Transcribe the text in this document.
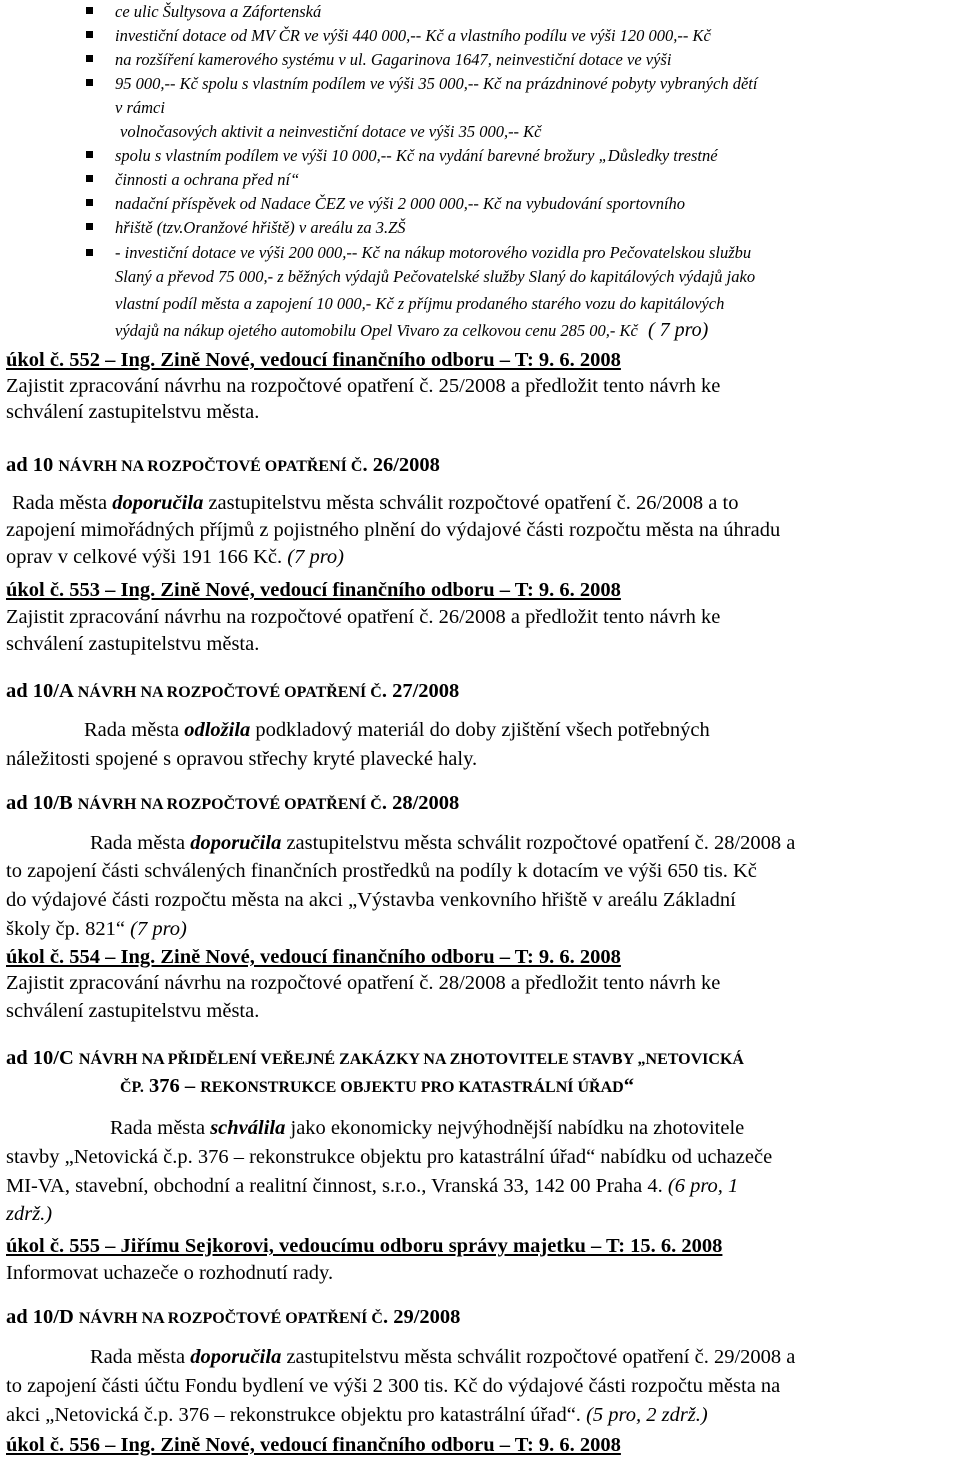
ce ulic Šultysova a Záfortenská
investiční dotace od MV ČR ve výši 440 000,-- Kč a vlastního podílu ve výši 120 000,-- Kč
na rozšíření kamerového systému v ul. Gagarinova 1647, neinvestiční dotace ve výši
95 000,-- Kč spolu s vlastním podílem ve výši 35 000,-- Kč na prázdninové pobyty vybraných dětí
v rámci
volnočasových aktivit a neinvestiční dotace ve výši 35 000,-- Kč
spolu s vlastním podílem ve výši 10 000,-- Kč na vydání barevné brožury „Důsledky trestné
činnosti a ochrana před ní“
nadační příspěvek od Nadace ČEZ ve výši 2 000 000,-- Kč na vybudování sportovního
hřiště (tzv.Oranžové hřiště) v areálu za 3.ZŠ
- investiční dotace ve výši 200 000,-- Kč na nákup motorového vozidla pro Pečovatelskou službu
Slaný a převod 75 000,- z běžných výdajů Pečovatelské služby Slaný do kapitálových výdajů jako
vlastní podíl města a zapojení 10 000,- Kč z příjmu prodaného starého vozu do kapitálových
výdajů na nákup ojetého automobilu Opel Vivaro za celkovou cenu 285 00,- Kč ( 7 pro)
úkol č. 552 – Ing. Zině Nové, vedoucí finančního odboru – T: 9. 6. 2008
Zajistit zpracování návrhu na rozpočtové opatření č. 25/2008 a předložit tento návrh ke
schválení zastupitelstvu města.
ad 10 NÁVRH NA ROZPOČTOVÉ OPATŘENÍ Č. 26/2008
Rada města doporučila zastupitelstvu města schválit rozpočtové opatření č. 26/2008 a to
zapojení mimořádných příjmů z pojistného plnění do výdajové části rozpočtu města na úhradu
oprav v celkové výši 191 166 Kč. (7 pro)
úkol č. 553 – Ing. Zině Nové, vedoucí finančního odboru – T: 9. 6. 2008
Zajistit zpracování návrhu na rozpočtové opatření č. 26/2008 a předložit tento návrh ke
schválení zastupitelstvu města.
ad 10/A NÁVRH NA ROZPOČTOVÉ OPATŘENÍ Č. 27/2008
Rada města odložila podkladový materiál do doby zjištění všech potřebných
náležitosti spojené s opravou střechy kryté plavecké haly.
ad 10/B NÁVRH NA ROZPOČTOVÉ OPATŘENÍ Č. 28/2008
Rada města doporučila zastupitelstvu města schválit rozpočtové opatření č. 28/2008 a
to zapojení části schválených finančních prostředků na podíly k dotacím ve výši 650 tis. Kč
do výdajové části rozpočtu města na akci „Výstavba venkovního hřiště v areálu Základní
školy čp. 821“ (7 pro)
úkol č. 554 – Ing. Zině Nové, vedoucí finančního odboru – T: 9. 6. 2008
Zajistit zpracování návrhu na rozpočtové opatření č. 28/2008 a předložit tento návrh ke
schválení zastupitelstvu města.
ad 10/C NÁVRH NA PŘIDĚLENÍ VEŘEJNÉ ZAKÁZKY NA ZHOTOVITELE STAVBY „NETOVICKÁ
ČP. 376 – REKONSTRUKCE OBJEKTU PRO KATASTRÁLNÍ ÚŘAD“
Rada města schválila jako ekonomicky nejvýhodnější nabídku na zhotovitele
stavby „Netovická č.p. 376 – rekonstrukce objektu pro katastrální úřad“ nabídku od uchazeče
MI-VA, stavební, obchodní a realitní činnost, s.r.o., Vranská 33, 142 00 Praha 4. (6 pro, 1
zdrž.)
úkol č. 555 – Jiřímu Sejkorovi, vedoucímu odboru správy majetku – T: 15. 6. 2008
Informovat uchazeče o rozhodnutí rady.
ad 10/D NÁVRH NA ROZPOČTOVÉ OPATŘENÍ Č. 29/2008
Rada města doporučila zastupitelstvu města schválit rozpočtové opatření č. 29/2008 a
to zapojení části účtu Fondu bydlení ve výši 2 300 tis. Kč do výdajové části rozpočtu města na
akci „Netovická č.p. 376 – rekonstrukce objektu pro katastrální úřad“. (5 pro, 2 zdrž.)
úkol č. 556 – Ing. Zině Nové, vedoucí finančního odboru – T: 9. 6. 2008
